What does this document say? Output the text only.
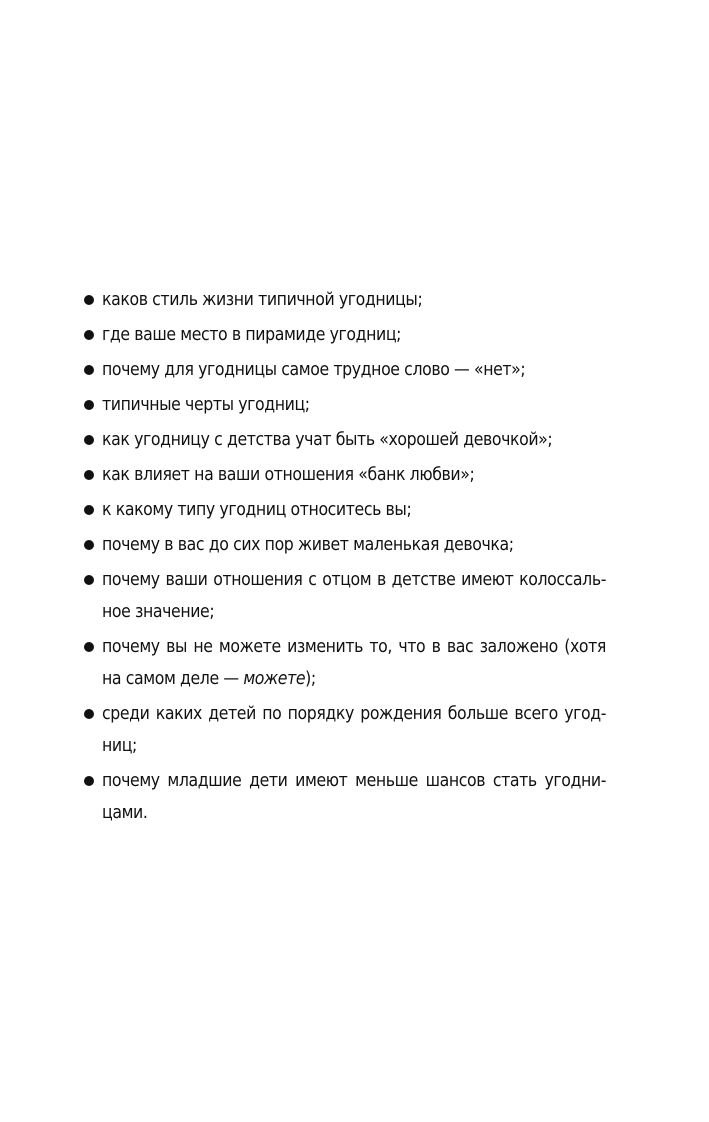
каков стиль жизни типичной угодницы;
где ваше место в пирамиде угодниц;
почему для угодницы самое трудное слово — «нет»;
типичные черты угодниц;
как угодницу с детства учат быть «хорошей девочкой»;
как влияет на ваши отношения «банк любви»;
к какому типу угодниц относитесь вы;
почему в вас до сих пор живет маленькая девочка;
почему ваши отношения с отцом в детстве имеют колоссаль-ное значение;
почему вы не можете изменить то, что в вас заложено (хотя на самом деле — можете);
среди каких детей по порядку рождения больше всего угод-ниц;
почему младшие дети имеют меньше шансов стать угодни-цами.
